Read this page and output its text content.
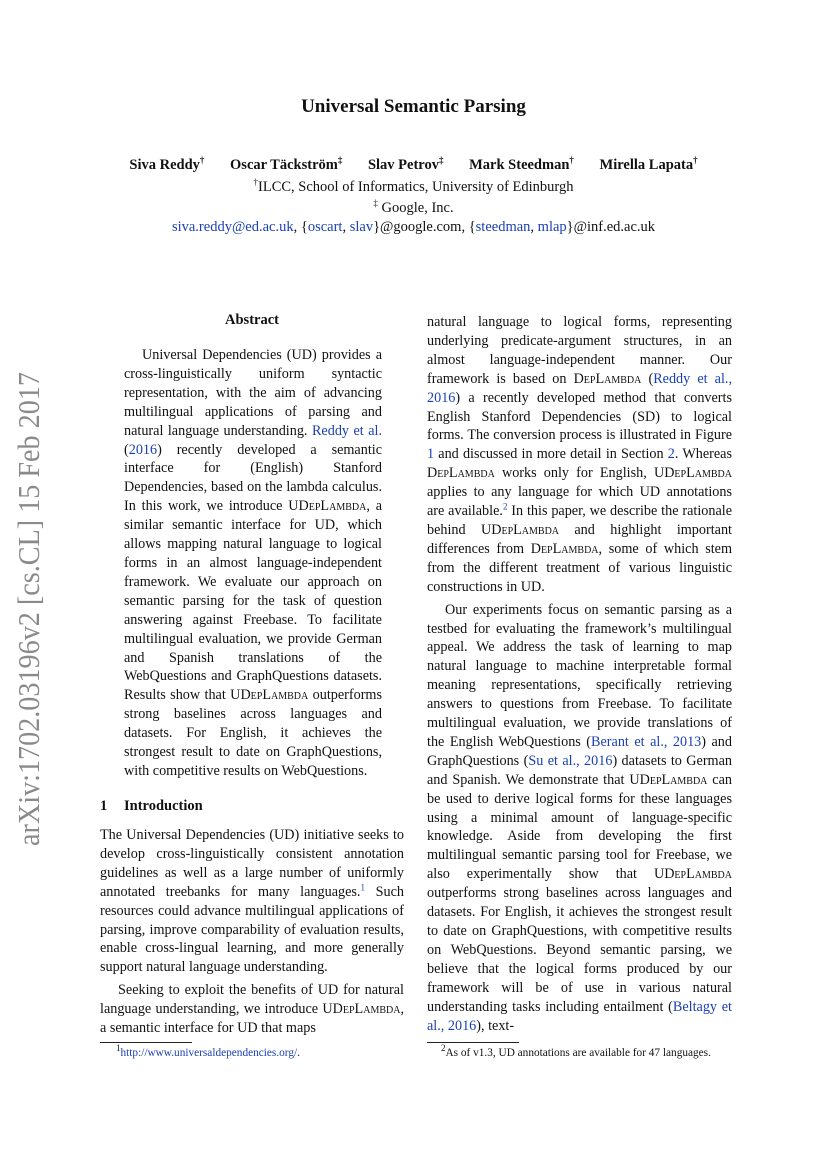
arXiv:1702.03196v2 [cs.CL] 15 Feb 2017
Universal Semantic Parsing
Siva Reddy† Oscar Täckström‡ Slav Petrov‡ Mark Steedman† Mirella Lapata†
†ILCC, School of Informatics, University of Edinburgh
‡ Google, Inc.
siva.reddy@ed.ac.uk, {oscart, slav}@google.com, {steedman, mlap}@inf.ed.ac.uk
Abstract

Universal Dependencies (UD) provides a cross-linguistically uniform syntactic representation, with the aim of advancing multilingual applications of parsing and natural language understanding. Reddy et al. (2016) recently developed a semantic interface for (English) Stanford Dependencies, based on the lambda calculus. In this work, we introduce UDepLambda, a similar semantic interface for UD, which allows mapping natural language to logical forms in an almost language-independent framework. We evaluate our approach on semantic parsing for the task of question answering against Freebase. To facilitate multilingual evaluation, we provide German and Spanish translations of the WebQuestions and GraphQuestions datasets. Results show that UDepLambda outperforms strong baselines across languages and datasets. For English, it achieves the strongest result to date on GraphQuestions, with competitive results on WebQuestions.

1 Introduction

The Universal Dependencies (UD) initiative seeks to develop cross-linguistically consistent annotation guidelines as well as a large number of uniformly annotated treebanks for many languages.$^1$ Such resources could advance multilingual applications of parsing, improve comparability of evaluation results, enable cross-lingual learning, and more generally support natural language understanding.

Seeking to exploit the benefits of UD for natural language understanding, we introduce UDepLambda, a semantic interface for UD that maps

natural language to logical forms, representing underlying predicate-argument structures, in an almost language-independent manner. Our framework is based on DepLambda (Reddy et al., 2016) a recently developed method that converts English Stanford Dependencies (SD) to logical forms. The conversion process is illustrated in Figure 1 and discussed in more detail in Section 2. Whereas DepLambda works only for English, UDepLambda applies to any language for which UD annotations are available.$^2$ In this paper, we describe the rationale behind UDepLambda and highlight important differences from DepLambda, some of which stem from the different treatment of various linguistic constructions in UD.

Our experiments focus on semantic parsing as a testbed for evaluating the framework’s multilingual appeal. We address the task of learning to map natural language to machine interpretable formal meaning representations, specifically retrieving answers to questions from Freebase. To facilitate multilingual evaluation, we provide translations of the English WebQuestions (Berant et al., 2013) and GraphQuestions (Su et al., 2016) datasets to German and Spanish. We demonstrate that UDepLambda can be used to derive logical forms for these languages using a minimal amount of language-specific knowledge. Aside from developing the first multilingual semantic parsing tool for Freebase, we also experimentally show that UDepLambda outperforms strong baselines across languages and datasets. For English, it achieves the strongest result to date on GraphQuestions, with competitive results on WebQuestions. Beyond semantic parsing, we believe that the logical forms produced by our framework will be of use in various natural understanding tasks including entailment (Beltagy et al., 2016), text-

$^1$http://www.universaldependencies.org/.	$^2$As of v1.3, UD annotations are available for 47 languages.
